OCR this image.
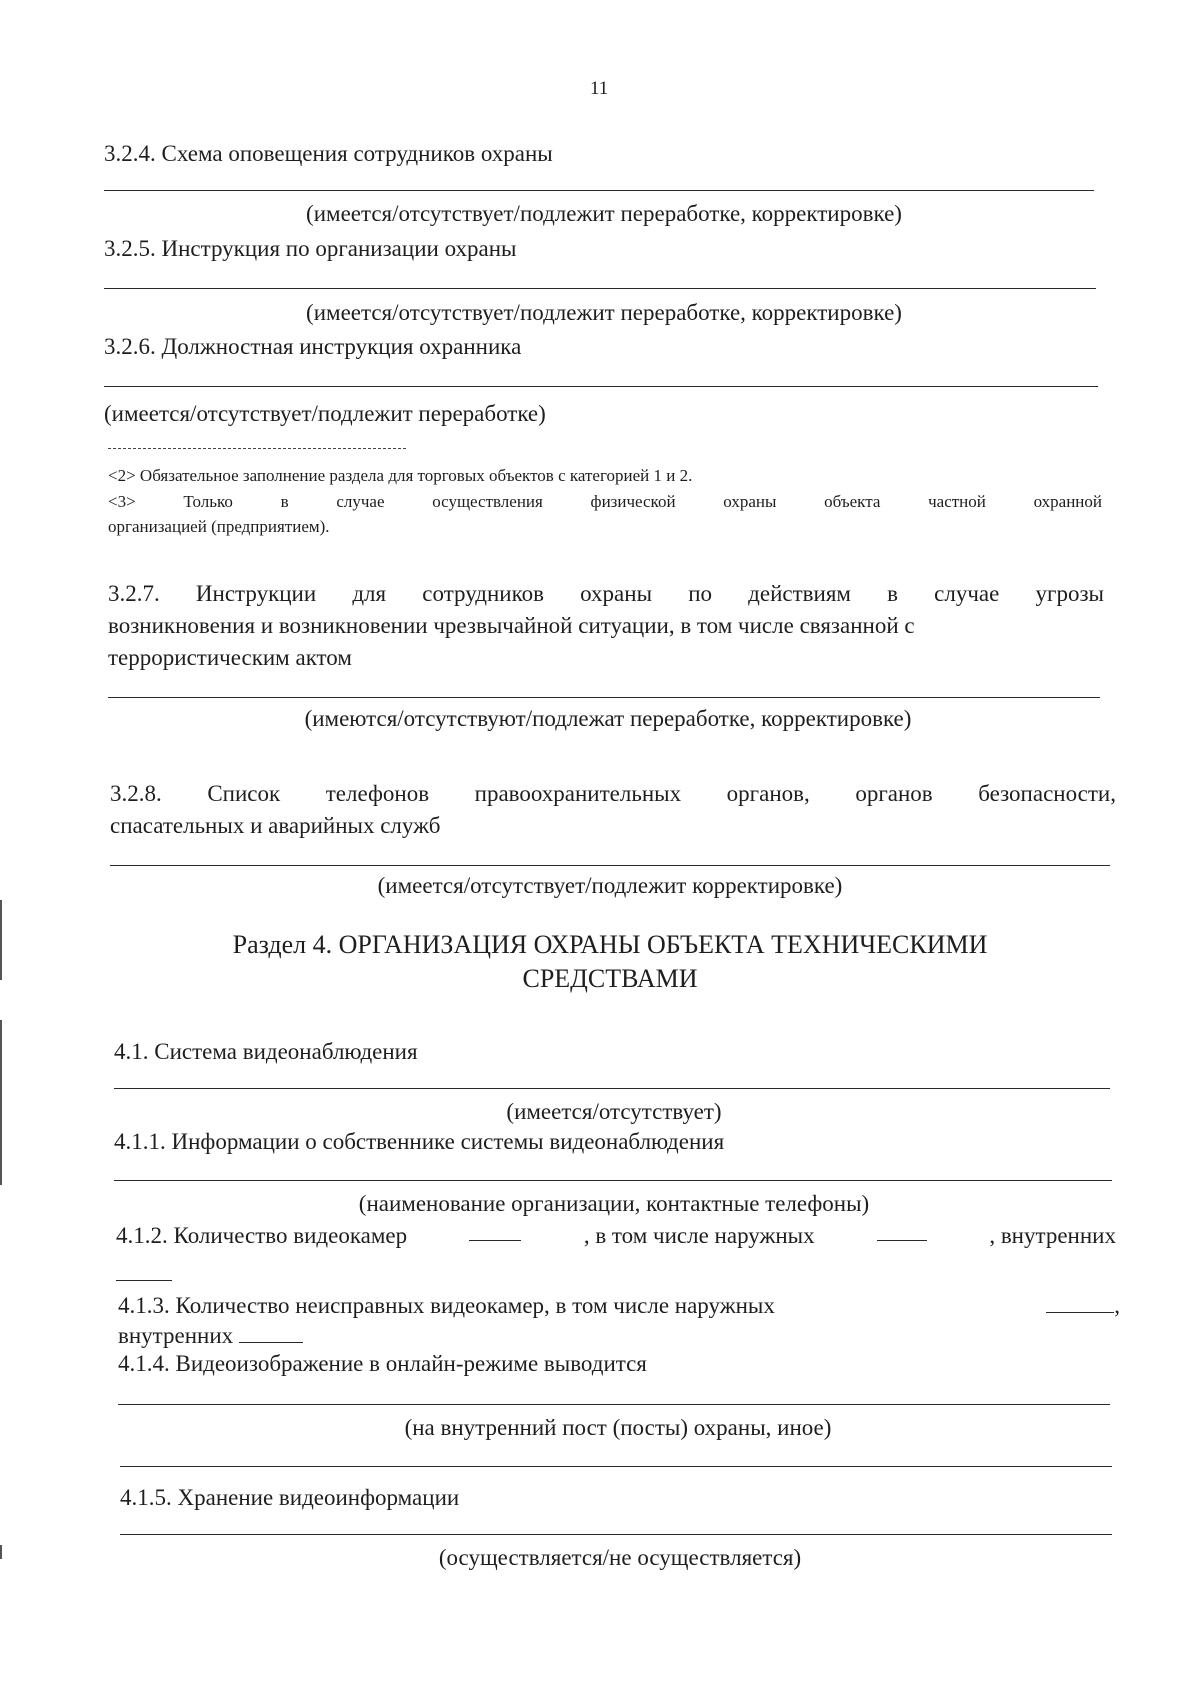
11
3.2.4. Схема оповещения сотрудников охраны
(имеется/отсутствует/подлежит переработке, корректировке)
3.2.5. Инструкция по организации охраны
(имеется/отсутствует/подлежит переработке, корректировке)
3.2.6. Должностная инструкция охранника
(имеется/отсутствует/подлежит переработке)
<2> Обязательное заполнение раздела для торговых объектов с категорией 1 и 2.
<3> Только в случае осуществления физической охраны объекта частной охранной
организацией (предприятием).
3.2.7. Инструкции для сотрудников охраны по действиям в случае угрозы
возникновения и возникновении чрезвычайной ситуации, в том числе связанной с
террористическим актом
(имеются/отсутствуют/подлежат переработке, корректировке)
3.2.8. Список телефонов правоохранительных органов, органов безопасности,
спасательных и аварийных служб
(имеется/отсутствует/подлежит корректировке)
Раздел 4. ОРГАНИЗАЦИЯ ОХРАНЫ ОБЪЕКТА ТЕХНИЧЕСКИМИ
СРЕДСТВАМИ
4.1. Система видеонаблюдения
(имеется/отсутствует)
4.1.1. Информации о собственнике системы видеонаблюдения
(наименование организации, контактные телефоны)
4.1.2. Количество видеокамер	, в том числе наружных	, внутренних
4.1.3. Количество неисправных видеокамер, в том числе наружных	,
внутренних
4.1.4. Видеоизображение в онлайн-режиме выводится
(на внутренний пост (посты) охраны, иное)
4.1.5. Хранение видеоинформации
(осуществляется/не осуществляется)
